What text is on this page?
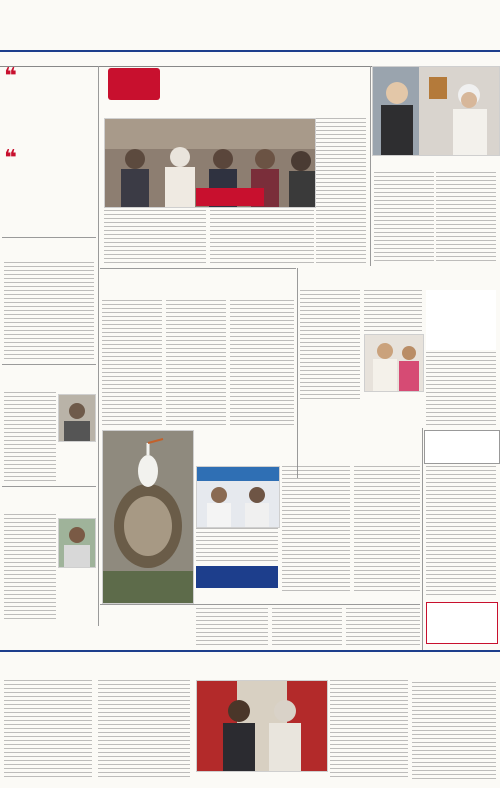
❝
❝
